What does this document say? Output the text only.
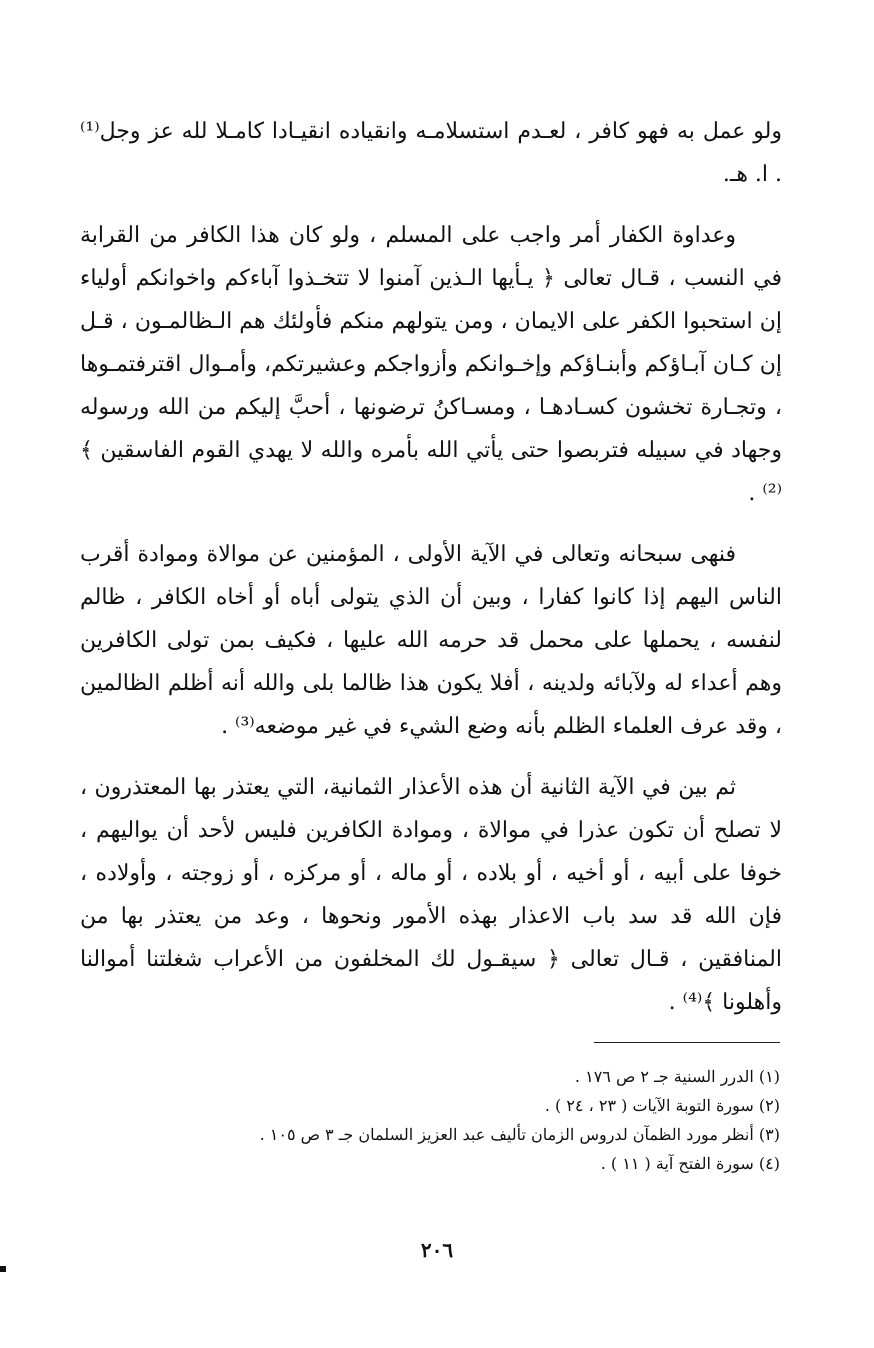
ولو عمل به فهو كافر ، لعـدم استسلامـه وانقياده انقيـادا كامـلا لله عز وجل⁽¹⁾ . ا. هـ.

وعداوة الكفار أمر واجب على المسلم ، ولو كان هذا الكافر من القرابة في النسب ، قـال تعالى ﴿ يـأيها الـذين آمنوا لا تتخـذوا آباءكم واخوانكم أولياء إن استحبوا الكفر على الايمان ، ومن يتولهم منكم فأولئك هم الـظالمـون ، قـل إن كـان آبـاؤكم وأبنـاؤكم وإخـوانكم وأزواجكم وعشيرتكم، وأمـوال اقترفتمـوها ، وتجـارة تخشون كسـادهـا ، ومسـاكنُ ترضونها ، أحبَّ إليكم من الله ورسوله وجهاد في سبيله فتربصوا حتى يأتي الله بأمره والله لا يهدي القوم الفاسقين ﴾⁽²⁾ .

فنهى سبحانه وتعالى في الآية الأولى ، المؤمنين عن موالاة وموادة أقرب الناس اليهم إذا كانوا كفارا ، وبين أن الذي يتولى أباه أو أخاه الكافر ، ظالم لنفسه ، يحملها على محمل قد حرمه الله عليها ، فكيف بمن تولى الكافرين وهم أعداء له ولآبائه ولدينه ، أفلا يكون هذا ظالما بلى والله أنه أظلم الظالمين ، وقد عرف العلماء الظلم بأنه وضع الشيء في غير موضعه⁽³⁾ .

ثم بين في الآية الثانية أن هذه الأعذار الثمانية، التي يعتذر بها المعتذرون ، لا تصلح أن تكون عذرا في موالاة ، وموادة الكافرين فليس لأحد أن يواليهم ، خوفا على أبيه ، أو أخيه ، أو بلاده ، أو ماله ، أو مركزه ، أو زوجته ، وأولاده ، فإن الله قد سد باب الاعذار بهذه الأمور ونحوها ، وعد من يعتذر بها من المنافقين ، قـال تعالى ﴿ سيقـول لك المخلفون من الأعراب شغلتنا أموالنا وأهلونا ﴾⁽⁴⁾ .

(١) الدرر السنية جـ ٢ ص ١٧٦ .

(٢) سورة التوبة الآيات ( ٢٣ ، ٢٤ ) .

(٣) أنظر مورد الظمآن لدروس الزمان تأليف عبد العزيز السلمان جـ ٣ ص ١٠٥ .

(٤) سورة الفتح آية ( ١١ ) .

٢٠٦
